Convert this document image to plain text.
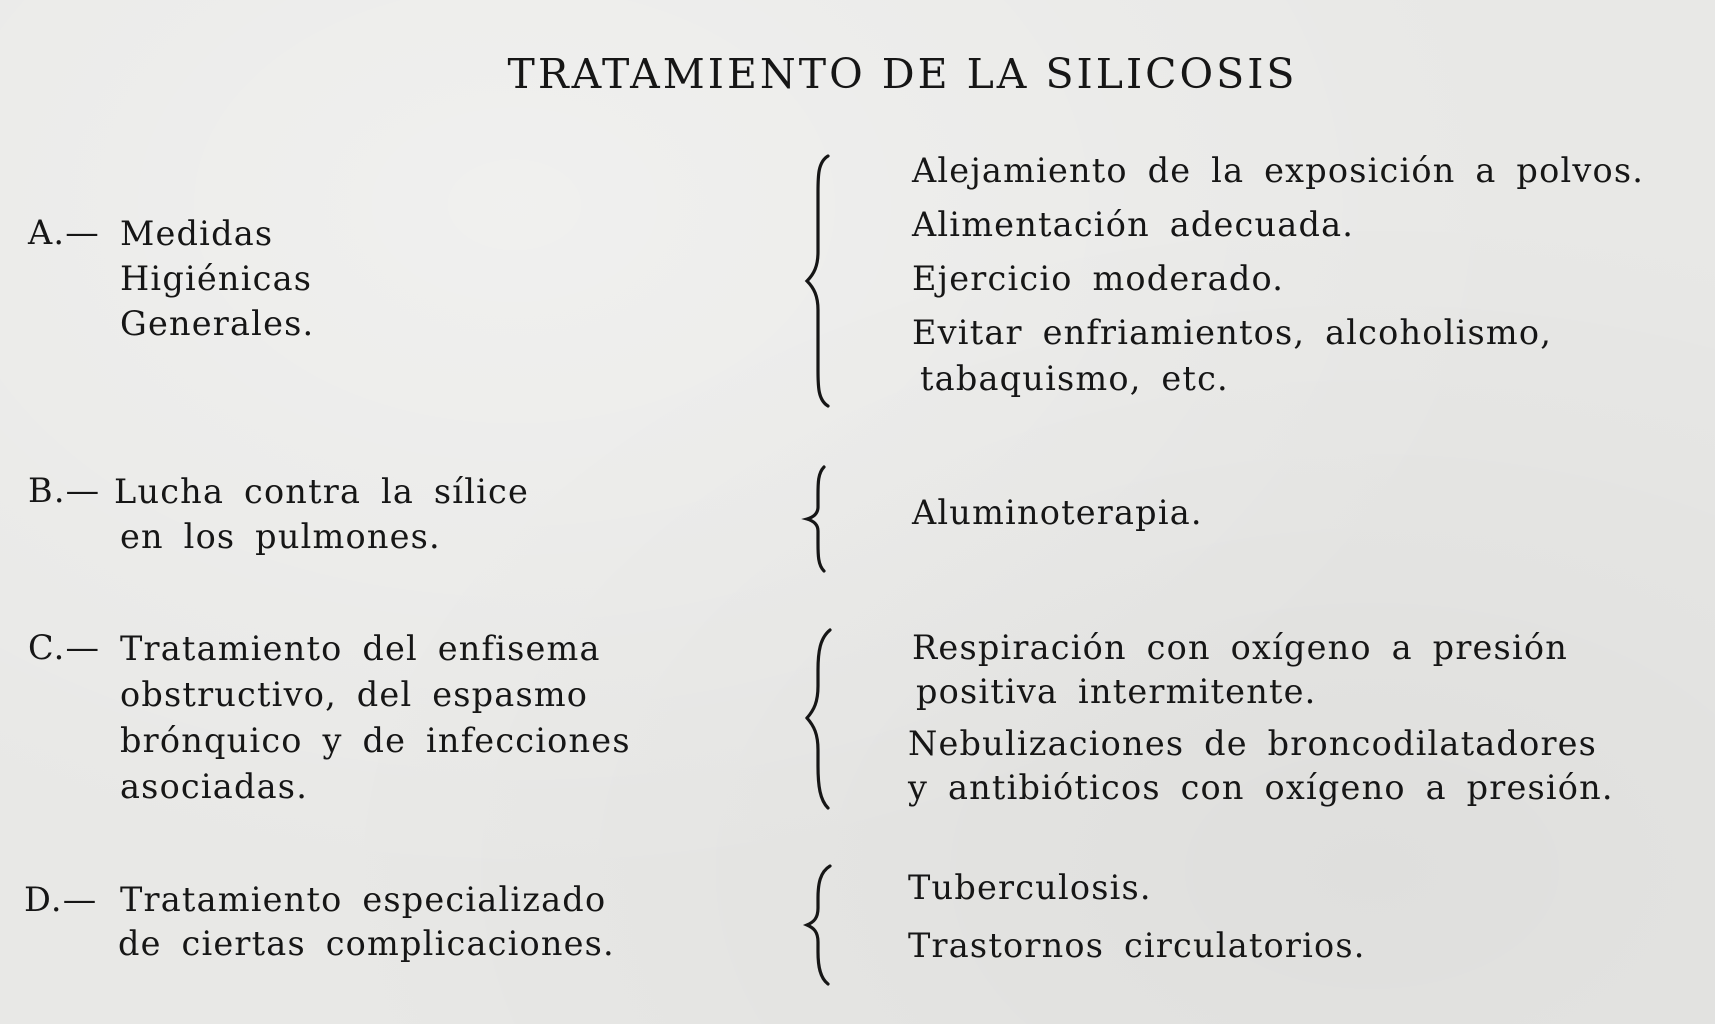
TRATAMIENTO DE LA SILICOSIS
A.— Medidas
Higiénicas
Generales.
Alejamiento de la exposición a polvos.
Alimentación adecuada.
Ejercicio moderado.
Evitar enfriamientos, alcoholismo,
tabaquismo, etc.
B.— Lucha contra la sílice
en los pulmones.
Aluminoterapia.
C.— Tratamiento del enfisema
obstructivo, del espasmo
brónquico y de infecciones
asociadas.
Respiración con oxígeno a presión
positiva intermitente.
Nebulizaciones de broncodilatadores
y antibióticos con oxígeno a presión.
D.— Tratamiento especializado
de ciertas complicaciones.
Tuberculosis.
Trastornos circulatorios.
